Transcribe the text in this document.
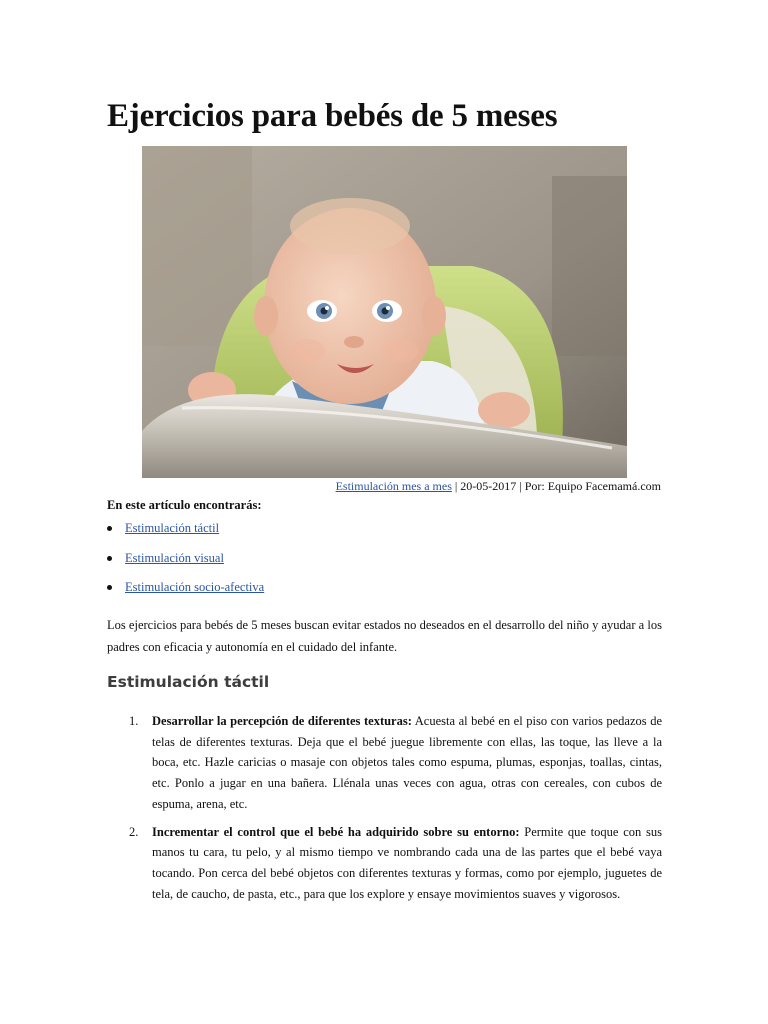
Ejercicios para bebés de 5 meses
Estimulación mes a mes | 20-05-2017 | Por: Equipo Facemamá.com
En este artículo encontrarás:
Estimulación táctil
Estimulación visual
Estimulación socio-afectiva

Los ejercicios para bebés de 5 meses buscan evitar estados no deseados en el desarrollo del niño y ayudar a los padres con eficacia y autonomía en el cuidado del infante.

Estimulación táctil
1. Desarrollar la percepción de diferentes texturas: Acuesta al bebé en el piso con varios pedazos de telas de diferentes texturas. Deja que el bebé juegue libremente con ellas, las toque, las lleve a la boca, etc. Hazle caricias o masaje con objetos tales como espuma, plumas, esponjas, toallas, cintas, etc. Ponlo a jugar en una bañera. Llénala unas veces con agua, otras con cereales, con cubos de espuma, arena, etc.
2. Incrementar el control que el bebé ha adquirido sobre su entorno: Permite que toque con sus manos tu cara, tu pelo, y al mismo tiempo ve nombrando cada una de las partes que el bebé vaya tocando. Pon cerca del bebé objetos con diferentes texturas y formas, como por ejemplo, juguetes de tela, de caucho, de pasta, etc., para que los explore y ensaye movimientos suaves y vigorosos.
